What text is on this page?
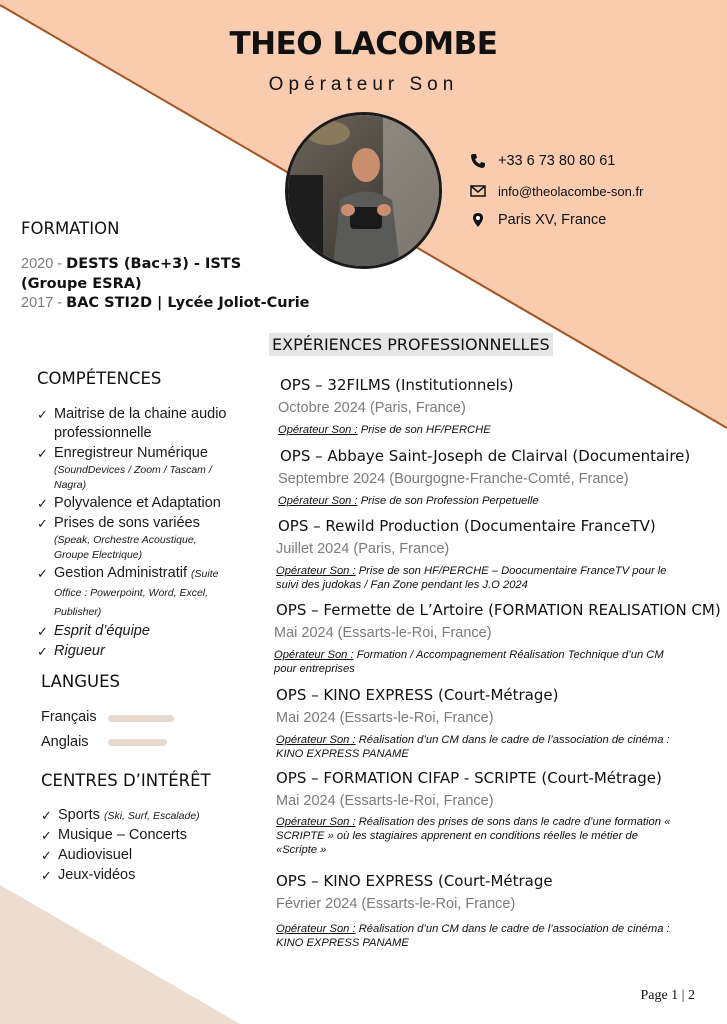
THEO LACOMBE
Opérateur Son
+33 6 73 80 80 61
info@theolacombe-son.fr
Paris XV, France
FORMATION
2020 - DESTS (Bac+3) - ISTS (Groupe ESRA)
2017 - BAC STI2D | Lycée Joliot-Curie
COMPÉTENCES
✓ Maitrise de la chaine audio professionnelle
✓ Enregistreur Numérique
(SoundDevices / Zoom / Tascam / Nagra)
✓ Polyvalence et Adaptation
✓ Prises de sons variées
(Speak, Orchestre Acoustique, Groupe Electrique)
✓ Gestion Administratif (Suite Office : Powerpoint, Word, Excel, Publisher)
✓ Esprit d’équipe
✓ Rigueur
LANGUES
Français
Anglais
CENTRES D’INTÉRÊT
✓ Sports (Ski, Surf, Escalade)
✓ Musique – Concerts
✓ Audiovisuel
✓ Jeux-vidéos
EXPÉRIENCES PROFESSIONNELLES
OPS – 32FILMS (Institutionnels)
Octobre 2024 (Paris, France)
Opérateur Son : Prise de son HF/PERCHE
OPS – Abbaye Saint-Joseph de Clairval (Documentaire)
Septembre 2024 (Bourgogne-Franche-Comté, France)
Opérateur Son : Prise de son Profession Perpetuelle
OPS – Rewild Production (Documentaire FranceTV)
Juillet 2024 (Paris, France)
Opérateur Son : Prise de son HF/PERCHE – Doocumentaire FranceTV pour le suivi des judokas / Fan Zone pendant les J.O 2024
OPS – Fermette de L’Artoire (FORMATION REALISATION CM)
Mai 2024 (Essarts-le-Roi, France)
Opérateur Son : Formation / Accompagnement Réalisation Technique d’un CM pour entreprises
OPS – KINO EXPRESS (Court-Métrage)
Mai 2024 (Essarts-le-Roi, France)
Opérateur Son : Réalisation d’un CM dans le cadre de l’association de cinéma : KINO EXPRESS PANAME
OPS – FORMATION CIFAP - SCRIPTE (Court-Métrage)
Mai 2024 (Essarts-le-Roi, France)
Opérateur Son : Réalisation des prises de sons dans le cadre d’une formation « SCRIPTE » où les stagiaires apprenent en conditions réelles le métier de «Scripte »
OPS – KINO EXPRESS (Court-Métrage
Février 2024 (Essarts-le-Roi, France)
Opérateur Son : Réalisation d’un CM dans le cadre de l’association de cinéma : KINO EXPRESS PANAME
Page 1 | 2
